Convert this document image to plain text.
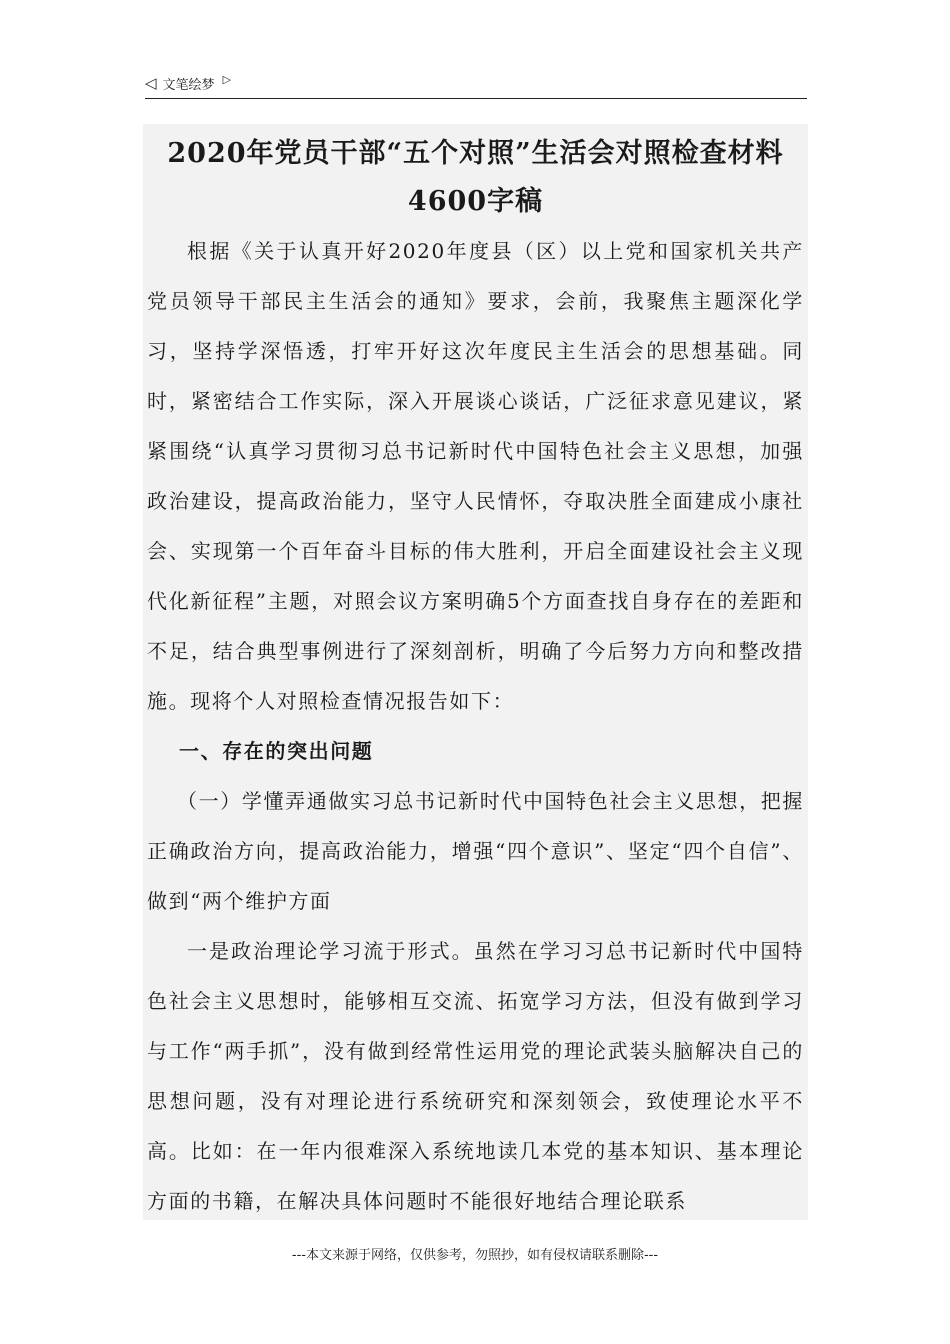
◁ 文笔绘梦 ▷
2020年党员干部“五个对照”生活会对照检查材料
4600字稿

根据《关于认真开好2020年度县（区）以上党和国家机关共产党员领导干部民主生活会的通知》要求，会前，我聚焦主题深化学习，坚持学深悟透，打牢开好这次年度民主生活会的思想基础。同时，紧密结合工作实际，深入开展谈心谈话，广泛征求意见建议，紧紧围绕“认真学习贯彻习总书记新时代中国特色社会主义思想，加强政治建设，提高政治能力，坚守人民情怀，夺取决胜全面建成小康社会、实现第一个百年奋斗目标的伟大胜利，开启全面建设社会主义现代化新征程”主题，对照会议方案明确5个方面查找自身存在的差距和不足，结合典型事例进行了深刻剖析，明确了今后努力方向和整改措施。现将个人对照检查情况报告如下：

一、存在的突出问题

（一）学懂弄通做实习总书记新时代中国特色社会主义思想，把握正确政治方向，提高政治能力，增强“四个意识”、坚定“四个自信”、做到“两个维护方面

一是政治理论学习流于形式。虽然在学习习总书记新时代中国特色社会主义思想时，能够相互交流、拓宽学习方法，但没有做到学习与工作“两手抓”，没有做到经常性运用党的理论武装头脑解决自己的思想问题，没有对理论进行系统研究和深刻领会，致使理论水平不高。比如：在一年内很难深入系统地读几本党的基本知识、基本理论方面的书籍，在解决具体问题时不能很好地结合理论联系

---本文来源于网络，仅供参考，勿照抄，如有侵权请联系删除---
